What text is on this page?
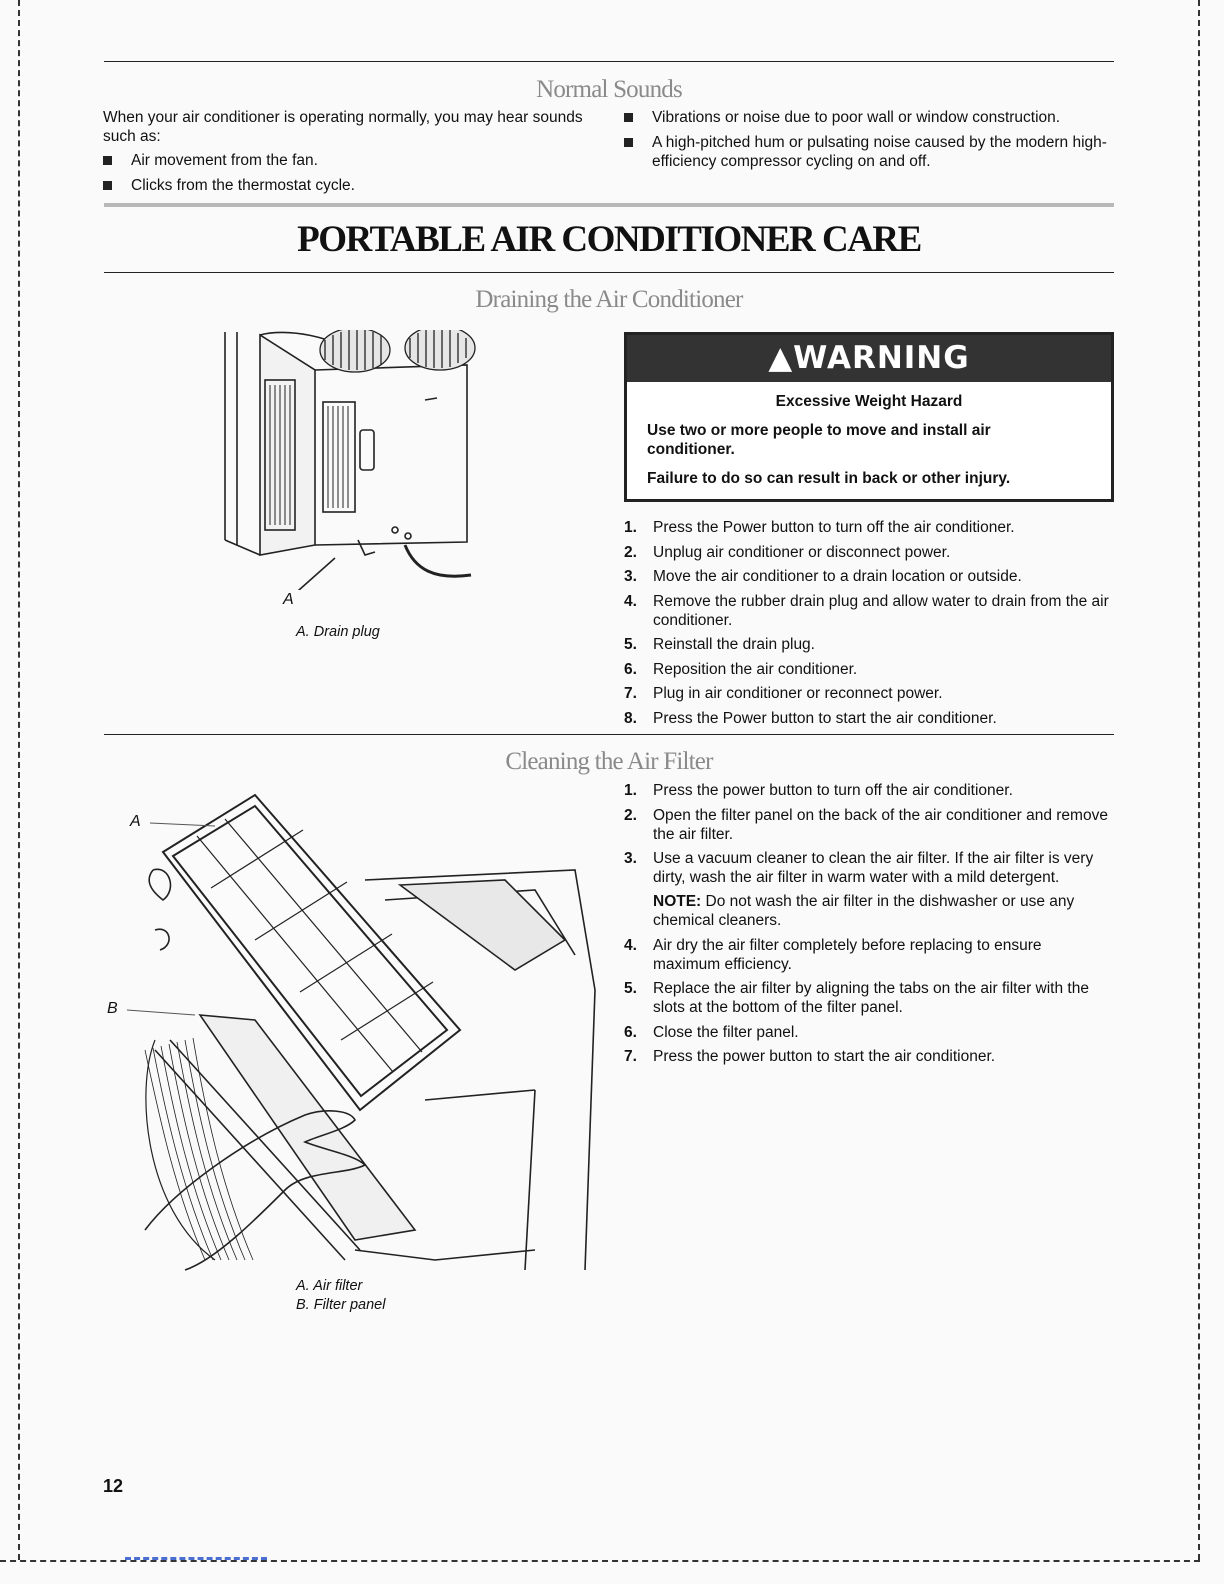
Normal Sounds
When your air conditioner is operating normally, you may hear sounds such as:
Air movement from the fan.
Clicks from the thermostat cycle.
Vibrations or noise due to poor wall or window construction.
A high-pitched hum or pulsating noise caused by the modern high-efficiency compressor cycling on and off.
PORTABLE AIR CONDITIONER CARE
Draining the Air Conditioner
A
A. Drain plug
▲WARNING
Excessive Weight Hazard
Use two or more people to move and install air conditioner.
Failure to do so can result in back or other injury.
1. Press the Power button to turn off the air conditioner.
2. Unplug air conditioner or disconnect power.
3. Move the air conditioner to a drain location or outside.
4. Remove the rubber drain plug and allow water to drain from the air conditioner.
5. Reinstall the drain plug.
6. Reposition the air conditioner.
7. Plug in air conditioner or reconnect power.
8. Press the Power button to start the air conditioner.
Cleaning the Air Filter
A
B
A. Air filter
B. Filter panel
1. Press the power button to turn off the air conditioner.
2. Open the filter panel on the back of the air conditioner and remove the air filter.
3. Use a vacuum cleaner to clean the air filter. If the air filter is very dirty, wash the air filter in warm water with a mild detergent.
NOTE: Do not wash the air filter in the dishwasher or use any chemical cleaners.
4. Air dry the air filter completely before replacing to ensure maximum efficiency.
5. Replace the air filter by aligning the tabs on the air filter with the slots at the bottom of the filter panel.
6. Close the filter panel.
7. Press the power button to start the air conditioner.
12
